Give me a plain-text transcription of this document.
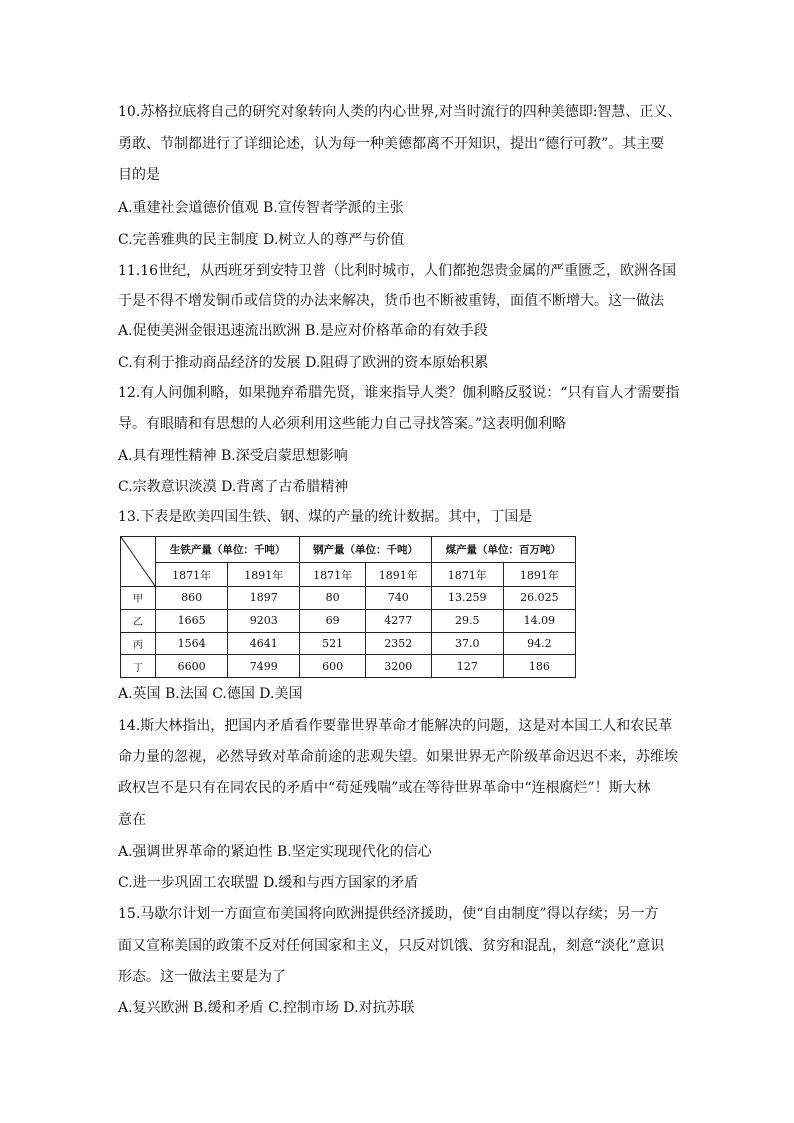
10.苏格拉底将自己的研究对象转向人类的内心世界,对当时流行的四种美德即:智慧、正义、
勇敢、节制都进行了详细论述，认为每一种美德都离不开知识，提出“德行可教”。其主要
目的是
A.重建社会道德价值观 B.宣传智者学派的主张
C.完善雅典的民主制度 D.树立人的尊严与价值
11.16世纪，从西班牙到安特卫普（比利时城市，人们都抱怨贵金属的严重匮乏，欧洲各国
于是不得不增发铜币或信贷的办法来解决，货币也不断被重铸，面值不断增大。这一做法
A.促使美洲金银迅速流出欧洲 B.是应对价格革命的有效手段
C.有利于推动商品经济的发展 D.阻碍了欧洲的资本原始积累
12.有人问伽利略，如果抛弃希腊先贤，谁来指导人类？伽利略反驳说：“只有盲人才需要指
导。有眼睛和有思想的人必须利用这些能力自己寻找答案。”这表明伽利略
A.具有理性精神 B.深受启蒙思想影响
C.宗教意识淡漠 D.背离了古希腊精神
13.下表是欧美四国生铁、钢、煤的产量的统计数据。其中，丁国是
	生铁产量（单位：千吨）		钢产量（单位：千吨）		煤产量（单位：百万吨）	
	1871年	1891年	1871年	1891年	1871年	1891年
甲	860	1897	80	740	13.259	26.025
乙	1665	9203	69	4277	29.5	14.09
丙	1564	4641	521	2352	37.0	94.2
丁	6600	7499	600	3200	127	186
A.英国 B.法国 C.德国 D.美国
14.斯大林指出，把国内矛盾看作要靠世界革命才能解决的问题，这是对本国工人和农民革
命力量的忽视，必然导致对革命前途的悲观失望。如果世界无产阶级革命迟迟不来，苏维埃
政权岂不是只有在同农民的矛盾中“苟延残喘”或在等待世界革命中“连根腐烂”！斯大林
意在
A.强调世界革命的紧迫性 B.坚定实现现代化的信心
C.进一步巩固工农联盟 D.缓和与西方国家的矛盾
15.马歇尔计划一方面宣布美国将向欧洲提供经济援助，使“自由制度”得以存续；另一方
面又宣称美国的政策不反对任何国家和主义，只反对饥饿、贫穷和混乱，刻意“淡化”意识
形态。这一做法主要是为了
A.复兴欧洲 B.缓和矛盾 C.控制市场 D.对抗苏联
